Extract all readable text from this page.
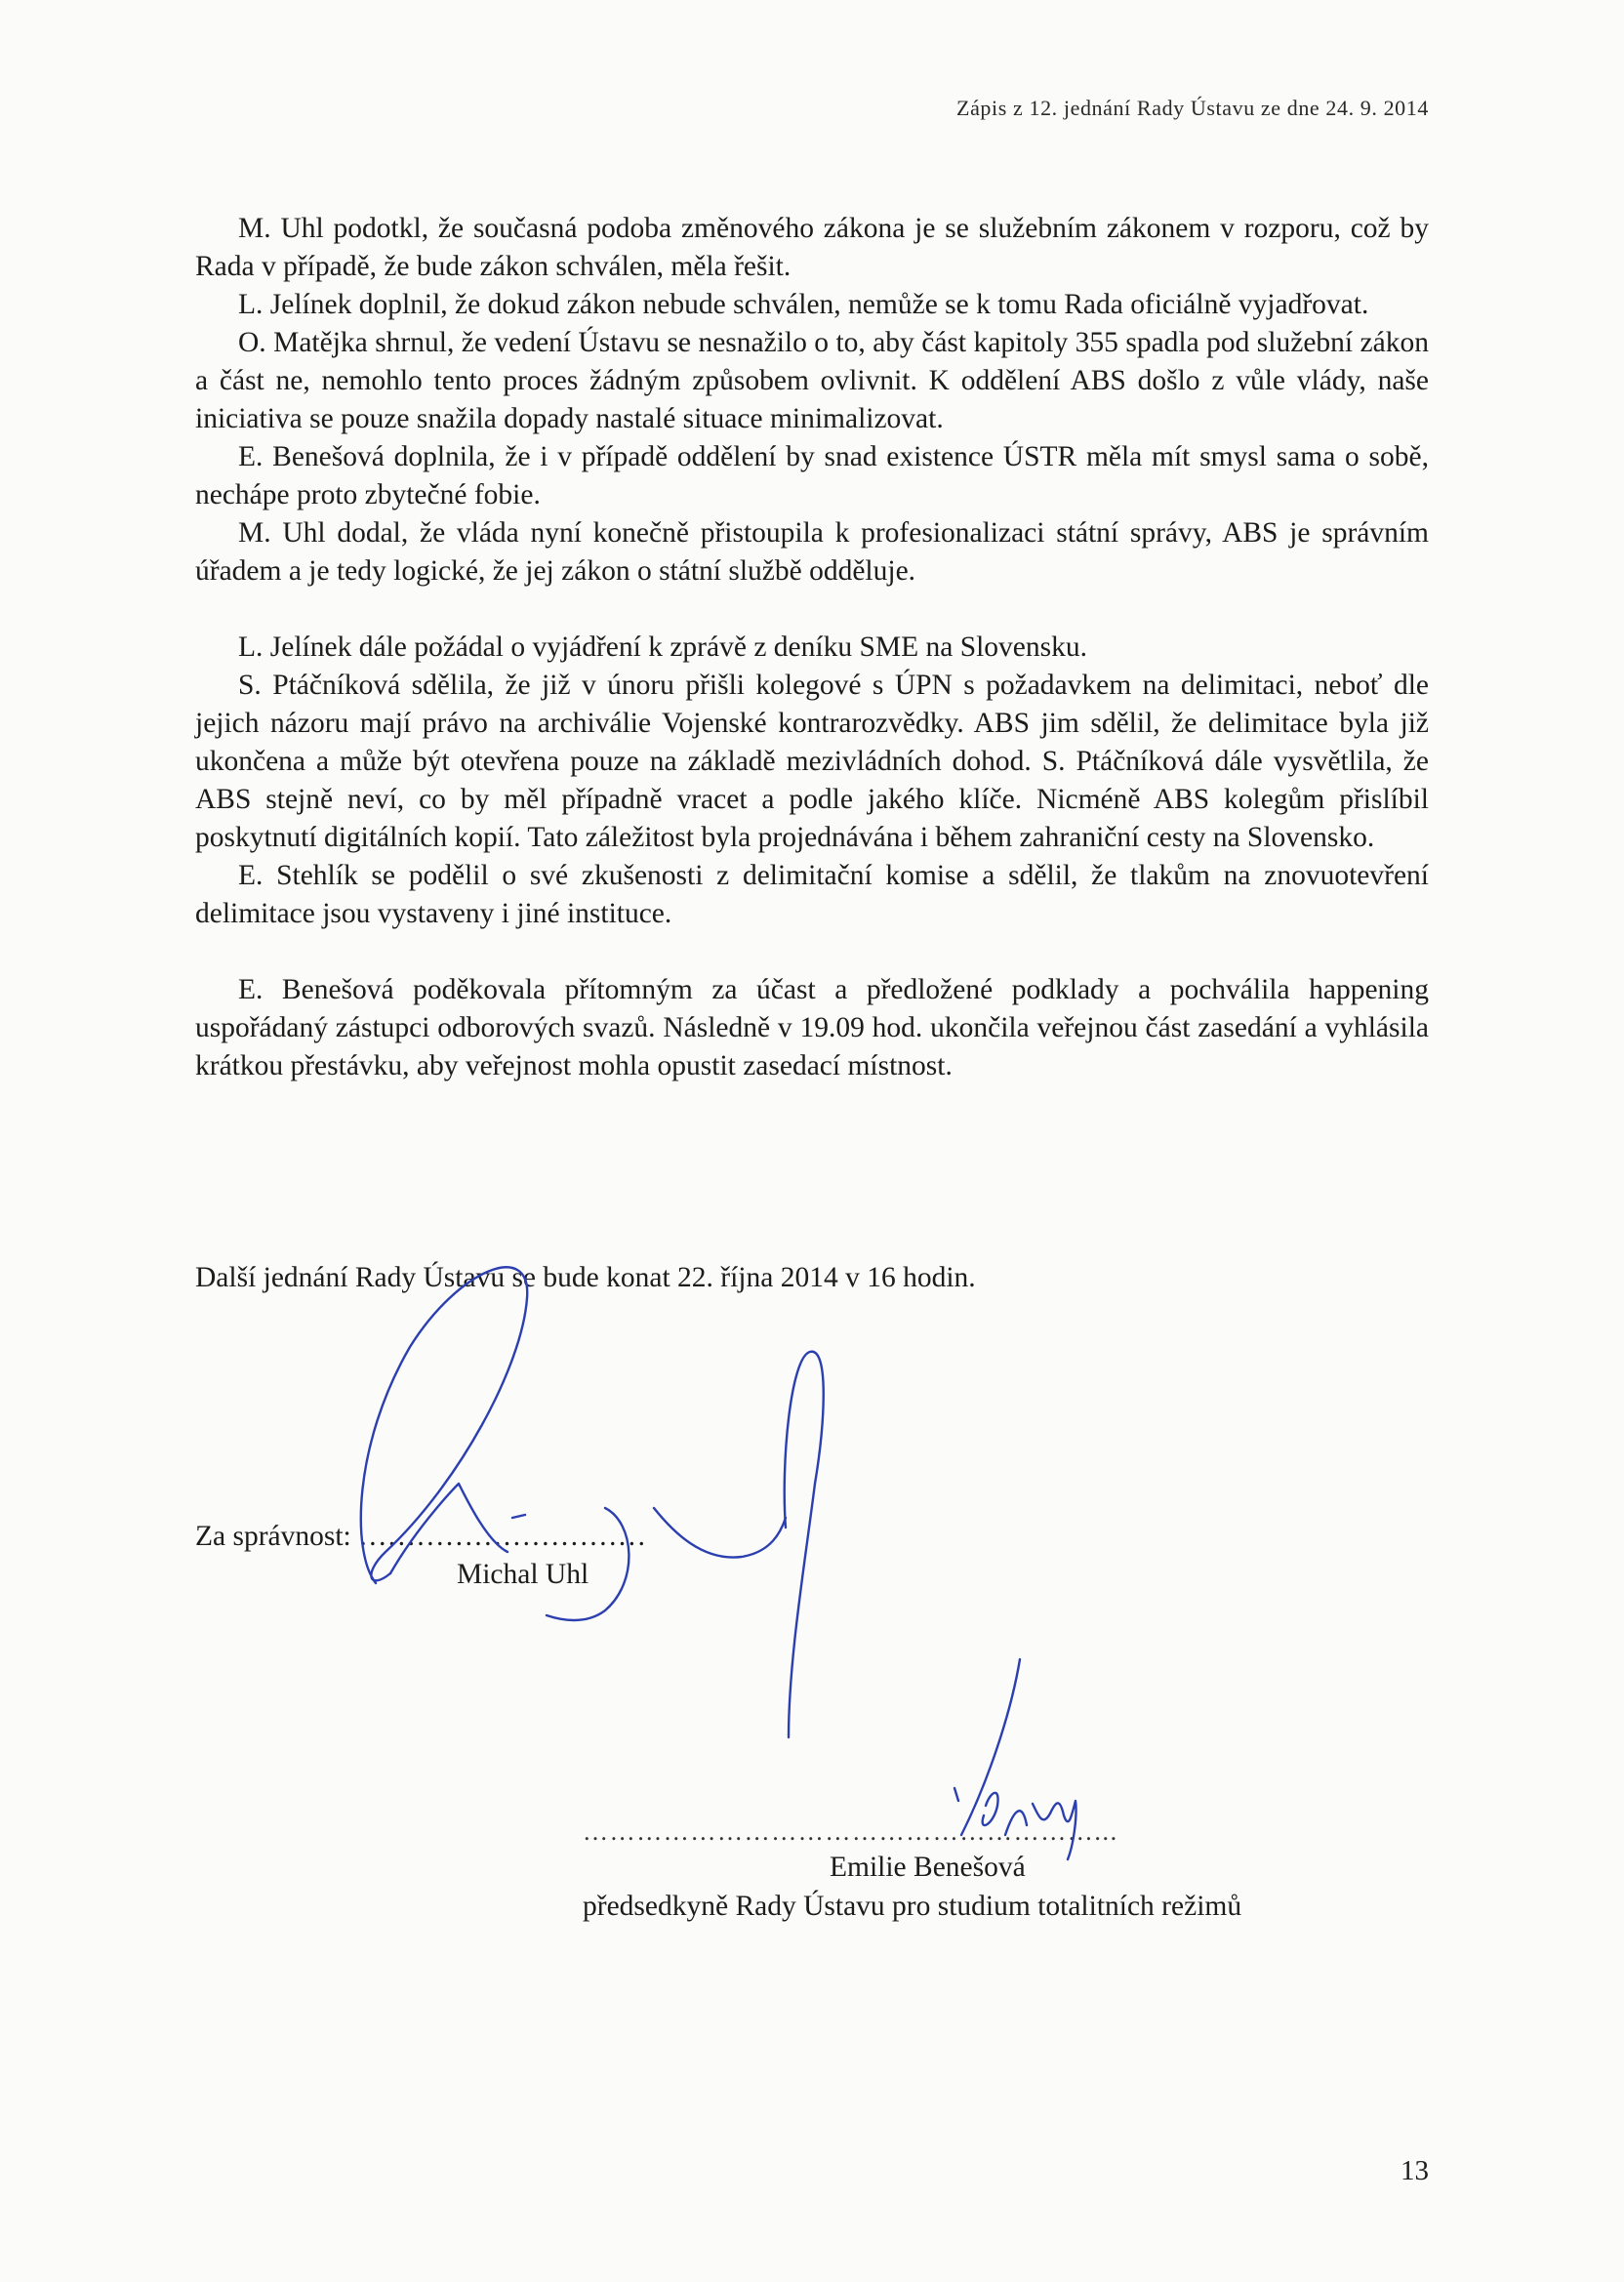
Zápis z 12. jednání Rady Ústavu ze dne 24. 9. 2014

M. Uhl podotkl, že současná podoba změnového zákona je se služebním zákonem v rozporu, což by Rada v případě, že bude zákon schválen, měla řešit.

L. Jelínek doplnil, že dokud zákon nebude schválen, nemůže se k tomu Rada oficiálně vyjadřovat.

O. Matějka shrnul, že vedení Ústavu se nesnažilo o to, aby část kapitoly 355 spadla pod služební zákon a část ne, nemohlo tento proces žádným způsobem ovlivnit. K oddělení ABS došlo z vůle vlády, naše iniciativa se pouze snažila dopady nastalé situace minimalizovat.

E. Benešová doplnila, že i v případě oddělení by snad existence ÚSTR měla mít smysl sama o sobě, nechápe proto zbytečné fobie.

M. Uhl dodal, že vláda nyní konečně přistoupila k profesionalizaci státní správy, ABS je správním úřadem a je tedy logické, že jej zákon o státní službě odděluje.

L. Jelínek dále požádal o vyjádření k zprávě z deníku SME na Slovensku.

S. Ptáčníková sdělila, že již v únoru přišli kolegové s ÚPN s požadavkem na delimitaci, neboť dle jejich názoru mají právo na archiválie Vojenské kontrarozvědky. ABS jim sdělil, že delimitace byla již ukončena a může být otevřena pouze na základě mezivládních dohod. S. Ptáčníková dále vysvětlila, že ABS stejně neví, co by měl případně vracet a podle jakého klíče. Nicméně ABS kolegům přislíbil poskytnutí digitálních kopií. Tato záležitost byla projednávána i během zahraniční cesty na Slovensko.

E. Stehlík se podělil o své zkušenosti z delimitační komise a sdělil, že tlakům na znovuotevření delimitace jsou vystaveny i jiné instituce.

E. Benešová poděkovala přítomným za účast a předložené podklady a pochválila happening uspořádaný zástupci odborových svazů. Následně v 19.09 hod. ukončila veřejnou část zasedání a vyhlásila krátkou přestávku, aby veřejnost mohla opustit zasedací místnost.

Další jednání Rady Ústavu se bude konat 22. října 2014 v 16 hodin.
Za správnost: …………………………
Michal Uhl
…………………………………………………...
Emilie Benešová
předsedkyně Rady Ústavu pro studium totalitních režimů
13
